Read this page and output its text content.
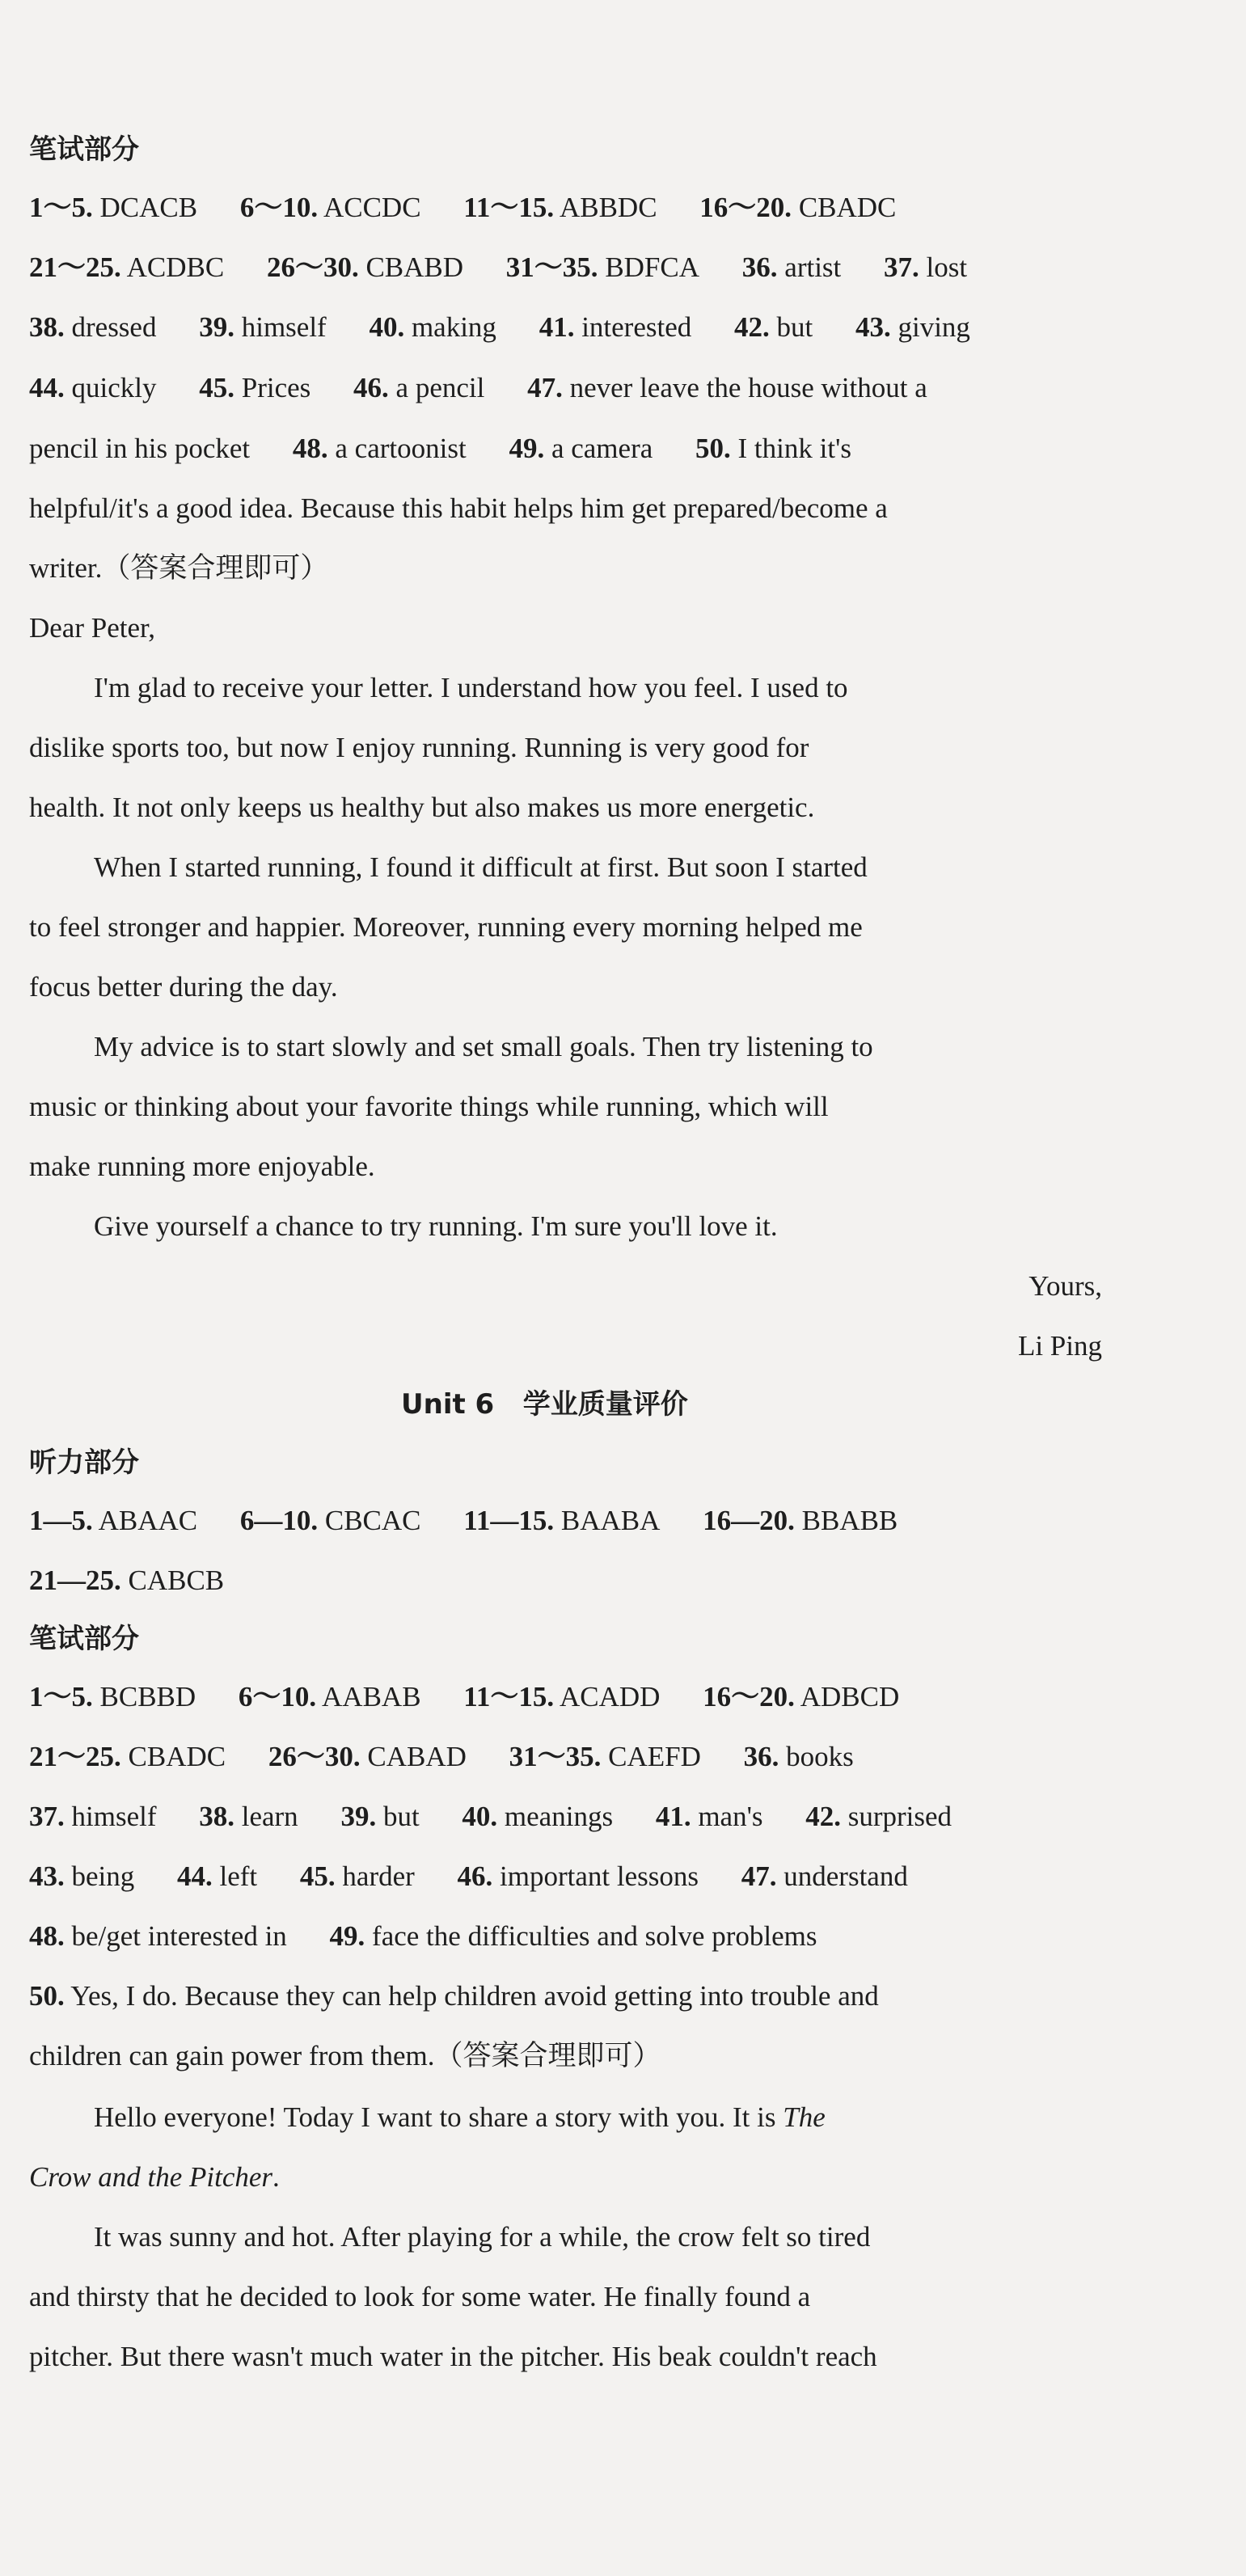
笔试部分
1～5. DCACB 6～10. ACCDC 11～15. ABBDC 16～20. CBADC
21～25. ACDBC 26～30. CBABD 31～35. BDFCA 36. artist 37. lost
38. dressed 39. himself 40. making 41. interested 42. but 43. giving
44. quickly 45. Prices 46. a pencil 47. never leave the house without a
pencil in his pocket 48. a cartoonist 49. a camera 50. I think it's
helpful/it's a good idea. Because this habit helps him get prepared/become a
writer.（答案合理即可）
Dear Peter,
I'm glad to receive your letter. I understand how you feel. I used to
dislike sports too, but now I enjoy running. Running is very good for
health. It not only keeps us healthy but also makes us more energetic.
When I started running, I found it difficult at first. But soon I started
to feel stronger and happier. Moreover, running every morning helped me
focus better during the day.
My advice is to start slowly and set small goals. Then try listening to
music or thinking about your favorite things while running, which will
make running more enjoyable.
Give yourself a chance to try running. I'm sure you'll love it.
Yours,
Li Ping
Unit 6 学业质量评价
听力部分
1—5. ABAAC 6—10. CBCAC 11—15. BAABA 16—20. BBABB
21—25. CABCB
笔试部分
1～5. BCBBD 6～10. AABAB 11～15. ACADD 16～20. ADBCD
21～25. CBADC 26～30. CABAD 31～35. CAEFD 36. books
37. himself 38. learn 39. but 40. meanings 41. man's 42. surprised
43. being 44. left 45. harder 46. important lessons 47. understand
48. be/get interested in 49. face the difficulties and solve problems
50. Yes, I do. Because they can help children avoid getting into trouble and
children can gain power from them.（答案合理即可）
Hello everyone! Today I want to share a story with you. It is The
Crow and the Pitcher.
It was sunny and hot. After playing for a while, the crow felt so tired
and thirsty that he decided to look for some water. He finally found a
pitcher. But there wasn't much water in the pitcher. His beak couldn't reach
